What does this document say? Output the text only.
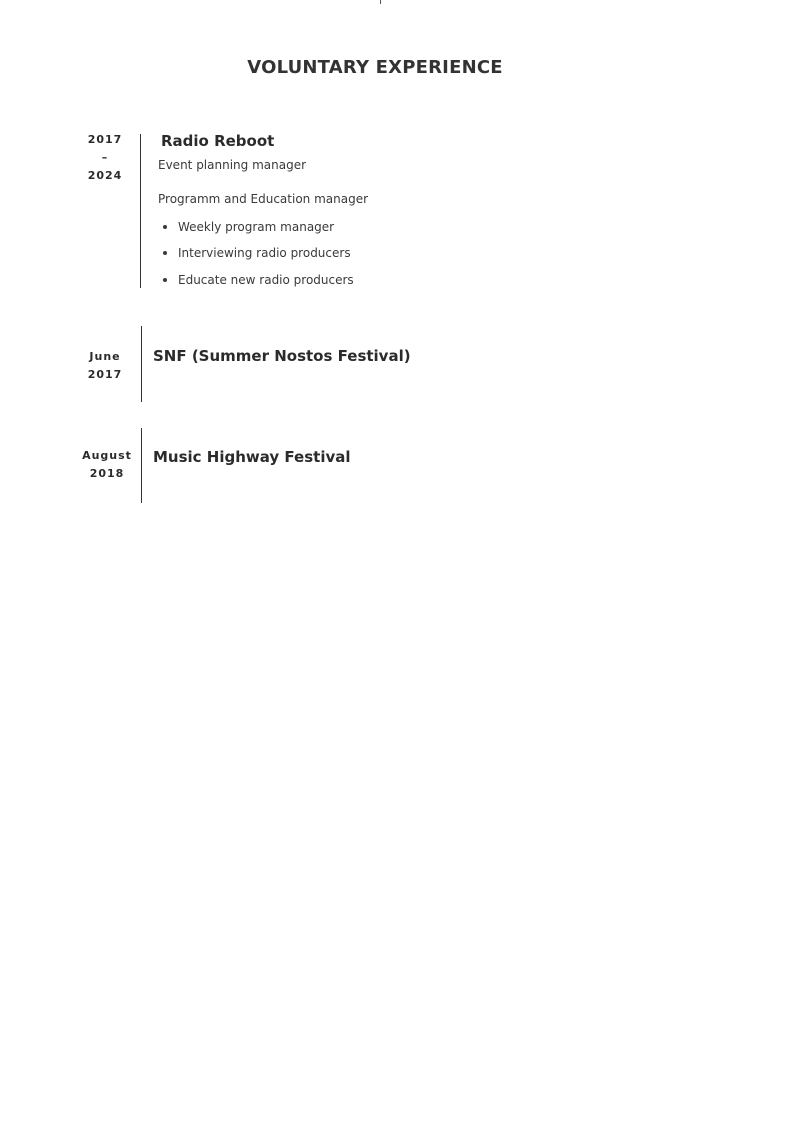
VOLUNTARY EXPERIENCE
2017
–
2024
Radio Reboot

Event planning manager

Programm and Education manager

Weekly program manager
Interviewing radio producers
Educate new radio producers
June
2017
SNF (Summer Nostos Festival)
August
2018
Music Highway Festival
